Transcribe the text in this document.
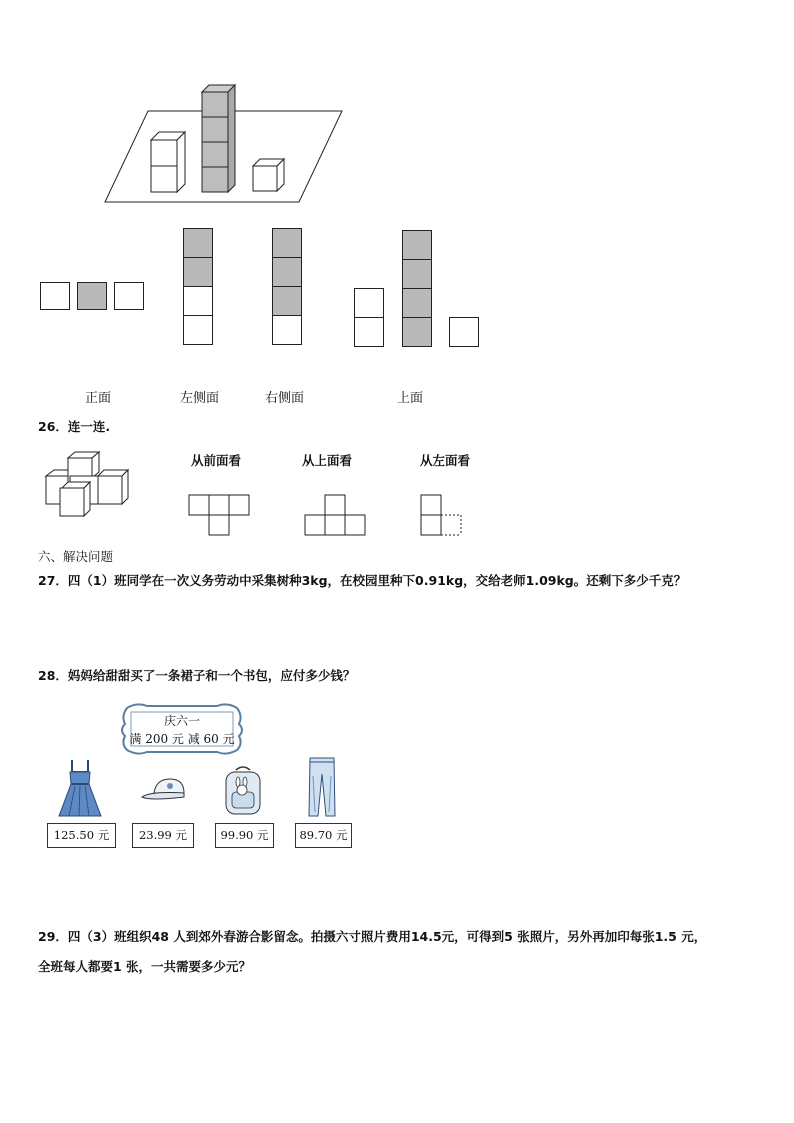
正面	左侧面	右侧面	上面
26．连一连.
从前面看	从上面看	从左面看
六、解决问题
27．四（1）班同学在一次义务劳动中采集树种3kg，在校园里种下0.91kg，交给老师1.09kg。还剩下多少千克？
28．妈妈给甜甜买了一条裙子和一个书包，应付多少钱？
庆六一
满 200 元 减 60 元
125.50 元	23.99 元	99.90 元	89.70 元
29．四（3）班组织48 人到郊外春游合影留念。拍摄六寸照片费用14.5元，可得到5 张照片，另外再加印每张1.5 元，
全班每人都要1 张，一共需要多少元？
